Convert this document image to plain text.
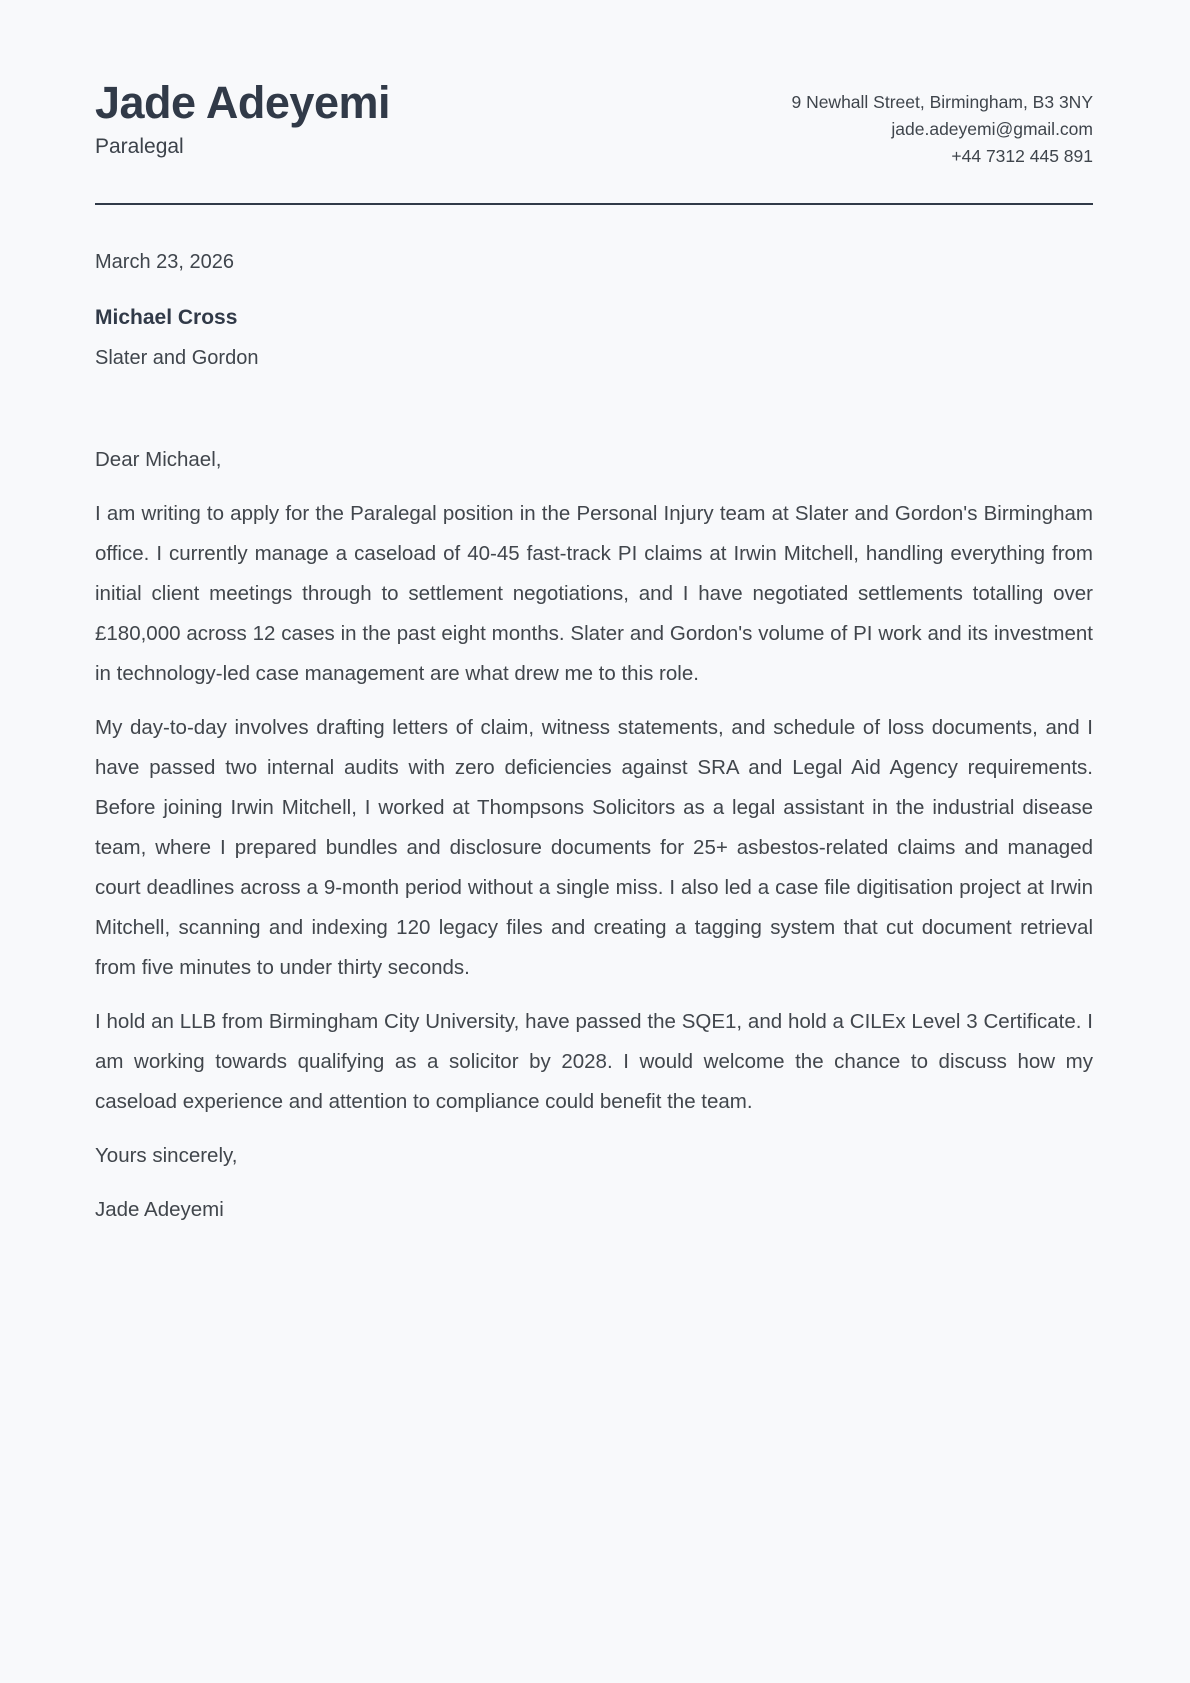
Jade Adeyemi
Paralegal
9 Newhall Street, Birmingham, B3 3NY
jade.adeyemi@gmail.com
+44 7312 445 891
March 23, 2026
Michael Cross
Slater and Gordon

Dear Michael,

I am writing to apply for the Paralegal position in the Personal Injury team at Slater and Gordon's Birmingham office. I currently manage a caseload of 40-45 fast-track PI claims at Irwin Mitchell, handling everything from initial client meetings through to settlement negotiations, and I have negotiated settlements totalling over £180,000 across 12 cases in the past eight months. Slater and Gordon's volume of PI work and its investment in technology-led case management are what drew me to this role.

My day-to-day involves drafting letters of claim, witness statements, and schedule of loss documents, and I have passed two internal audits with zero deficiencies against SRA and Legal Aid Agency requirements. Before joining Irwin Mitchell, I worked at Thompsons Solicitors as a legal assistant in the industrial disease team, where I prepared bundles and disclosure documents for 25+ asbestos-related claims and managed court deadlines across a 9-month period without a single miss. I also led a case file digitisation project at Irwin Mitchell, scanning and indexing 120 legacy files and creating a tagging system that cut document retrieval from five minutes to under thirty seconds.

I hold an LLB from Birmingham City University, have passed the SQE1, and hold a CILEx Level 3 Certificate. I am working towards qualifying as a solicitor by 2028. I would welcome the chance to discuss how my caseload experience and attention to compliance could benefit the team.

Yours sincerely,

Jade Adeyemi
